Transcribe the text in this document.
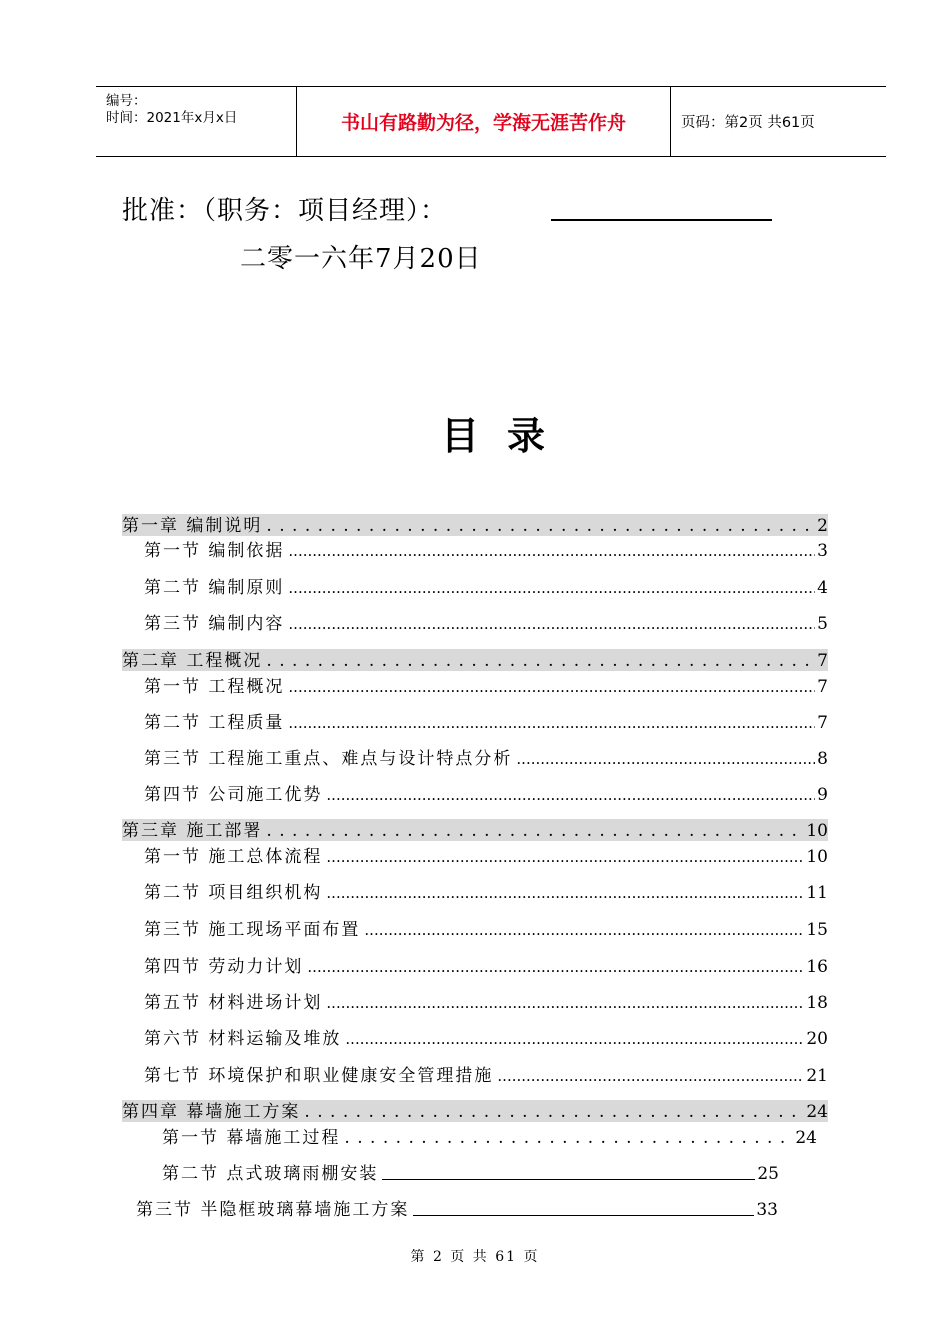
编号：
时间：2021年x月x日	书山有路勤为径，学海无涯苦作舟	页码：第2页 共61页
批准：（职务：项目经理）：
二零一六年7月20日
目录
第一章 编制说明 . . .	2
第一节 编制依据 .....	3
第二节 编制原则 .....	4
第三节 编制内容 .....	5
第二章 工程概况 . . .	7
第一节 工程概况 .....	7
第二节 工程质量 .....	7
第三节 工程施工重点、难点与设计特点分析 .....	8
第四节 公司施工优势 .....	9
第三章 施工部署 . . .	10
第一节 施工总体流程 .....	10
第二节 项目组织机构 .....	11
第三节 施工现场平面布置 .....	15
第四节 劳动力计划 .....	16
第五节 材料进场计划 .....	18
第六节 材料运输及堆放 .....	20
第七节 环境保护和职业健康安全管理措施 .....	21
第四章 幕墙施工方案 . . .	24
第一节 幕墙施工过程 . . .	24
第二节 点式玻璃雨棚安装	25
第三节 半隐框玻璃幕墙施工方案	33
第 2 页 共 61 页
